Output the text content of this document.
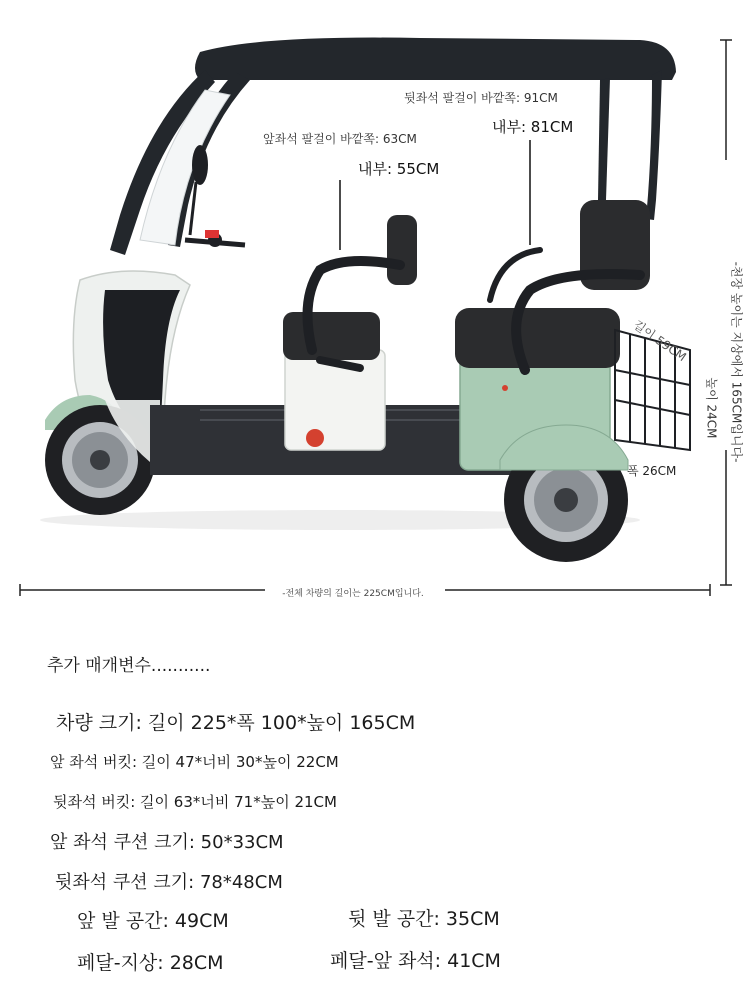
뒷좌석 팔걸이 바깥쪽: 91CM
내부: 81CM
앞좌석 팔걸이 바깥쪽: 63CM
내부: 55CM
길이 59CM
높이 24CM
폭 26CM
-천장 높이는 지상에서 165CM입니다-
-전체 차량의 길이는 225CM입니다.
추가 매개변수...........
차량 크기: 길이 225*폭 100*높이 165CM
앞 좌석 버킷: 길이 47*너비 30*높이 22CM
뒷좌석 버킷: 길이 63*너비 71*높이 21CM
앞 좌석 쿠션 크기: 50*33CM
뒷좌석 쿠션 크기: 78*48CM
앞 발 공간: 49CM	뒷 발 공간: 35CM
페달-지상: 28CM	페달-앞 좌석: 41CM
